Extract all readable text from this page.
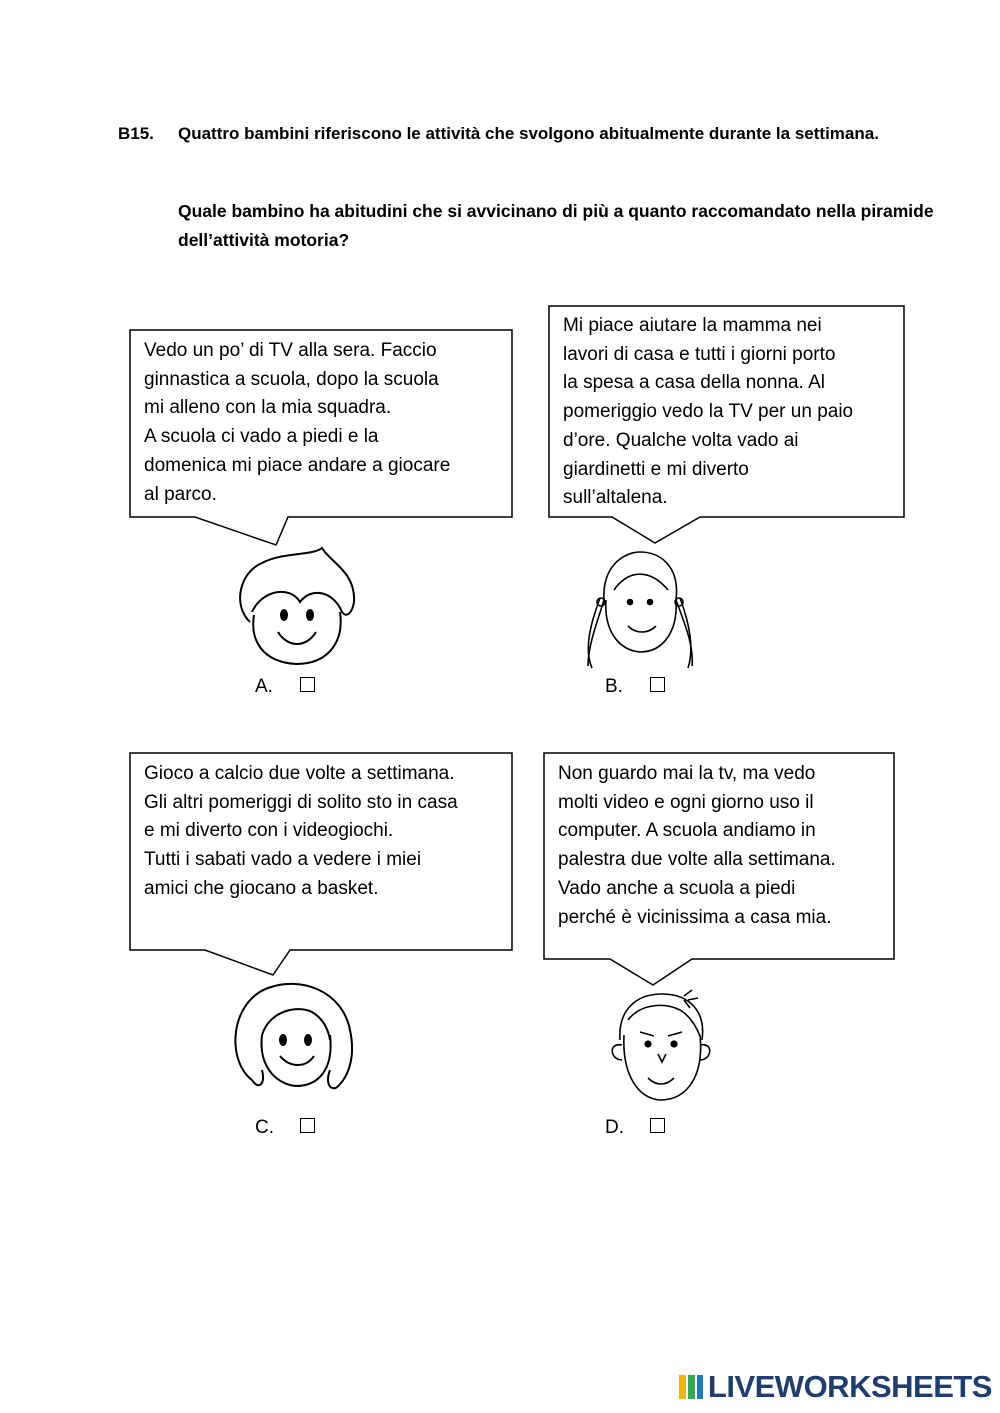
B15. Quattro bambini riferiscono le attività che svolgono abitualmente durante la settimana.
Quale bambino ha abitudini che si avvicinano di più a quanto raccomandato nella piramide dell’attività motoria?
Vedo un po’ di TV alla sera. Faccio
ginnastica a scuola, dopo la scuola
mi alleno con la mia squadra.
A scuola ci vado a piedi e la
domenica mi piace andare a giocare
al parco.
Mi piace aiutare la mamma nei
lavori di casa e tutti i giorni porto
la spesa a casa della nonna. Al
pomeriggio vedo la TV per un paio
d’ore. Qualche volta vado ai
giardinetti e mi diverto
sull’altalena.
Gioco a calcio due volte a settimana.
Gli altri pomeriggi di solito sto in casa
e mi diverto con i videogiochi.
Tutti i sabati vado a vedere i miei
amici che giocano a basket.
Non guardo mai la tv, ma vedo
molti video e ogni giorno uso il
computer. A scuola andiamo in
palestra due volte alla settimana.
Vado anche a scuola a piedi
perché è vicinissima a casa mia.
A.	B.
C.	D.
LIVEWORKSHEETS
